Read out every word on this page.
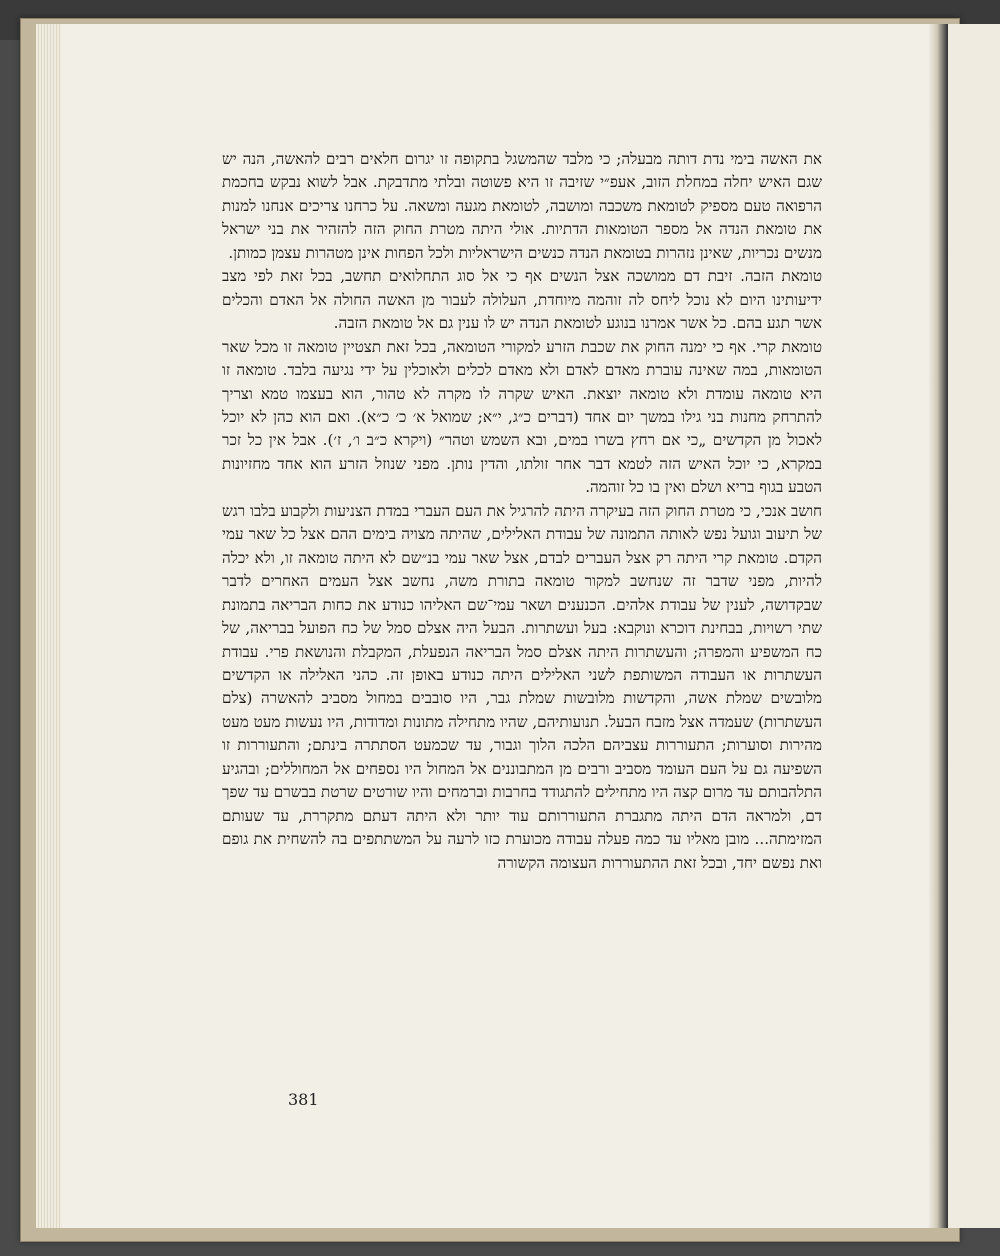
את האשה בימי נדת דותה מבעלה; כי מלבד שהמשגל בתקופה זו יגרום חלאים רבים להאשה, הנה יש שגם האיש יחלה במחלת הזוב, אעפ״י שזיבה זו היא פשוטה ובלתי מתדבקת. אבל לשוא נבקש בחכמת הרפואה טעם מספיק לטומאת משכבה ומושבה, לטומאת מגעה ומשאה. על כרחנו צריכים אנחנו למנות את טומאת הנדה אל מספר הטומאות הדתיות. אולי היתה מטרת החוק הזה להזהיר את בני ישראל מנשים נכריות, שאינן נזהרות בטומאת הנדה כנשים הישראליות ולכל הפחות אינן מטהרות עצמן כמותן.

טומאת הזבה. זיבת דם ממושכה אצל הנשים אף כי אל סוג התחלואים תחשב, בכל זאת לפי מצב ידיעותינו היום לא נוכל ליחס לה זוהמה מיוחדת, העלולה לעבור מן האשה החולה אל האדם והכלים אשר תגע בהם. כל אשר אמרנו בנוגע לטומאת הנדה יש לו ענין גם אל טומאת הזבה.

טומאת קרי. אף כי ימנה החוק את שכבת הזרע למקורי הטומאה, בכל זאת תצטיין טומאה זו מכל שאר הטומאות, במה שאינה עוברת מאדם לאדם ולא מאדם לכלים ולאוכלין על ידי נגיעה בלבד. טומאה זו היא טומאה עומדת ולא טומאה יוצאת. האיש שקרה לו מקרה לא טהור, הוא בעצמו טמא וצריך להתרחק מחנות בני גילו במשך יום אחד (דברים כ״ג, י״א; שמואל א׳ כ׳ כ״א). ואם הוא כהן לא יוכל לאכול מן הקדשים „כי אם רחץ בשרו במים, ובא השמש וטהר״ (ויקרא כ״ב ו׳, ז׳). אבל אין כל זכר במקרא, כי יוכל האיש הזה לטמא דבר אחר זולתו, והדין נותן. מפני שנוזל הזרע הוא אחד מחזיונות הטבע בגוף בריא ושלם ואין בו כל זוהמה.

חושב אנכי, כי מטרת החוק הזה בעיקרה היתה להרגיל את העם העברי במדת הצניעות ולקבוע בלבו רגש של תיעוב וגועל נפש לאותה התמונה של עבודת האלילים, שהיתה מצויה בימים ההם אצל כל שאר עמי הקדם. טומאת קרי היתה רק אצל העברים לבדם, אצל שאר עמי בנ״שם לא היתה טומאה זו, ולא יכלה להיות, מפני שדבר זה שנחשב למקור טומאה בתורת משה, נחשב אצל העמים האחרים לדבר שבקדושה, לענין של עבודת אלהים. הכנענים ושאר עמי־שם האליהו כנודע את כחות הבריאה בתמונת שתי רשויות, בבחינת דוכרא ונוקבא: בעל ועשתרות. הבעל היה אצלם סמל של כח הפועל בבריאה, של כח המשפיע והמפרה; והעשתרות היתה אצלם סמל הבריאה הנפעלת, המקבלת והנושאת פרי. עבודת העשתרות או העבודה המשותפת לשני האלילים היתה כנודע באופן זה. כהני האלילה או הקדשים מלובשים שמלת אשה, והקדשות מלובשות שמלת גבר, היו סובבים במחול מסביב להאשרה (צלם העשתרות) שעמדה אצל מזבח הבעל. תנועותיהם, שהיו מתחילה מתונות ומדודות, היו נעשות מעט מעט מהירות וסוערות; התעוררות עצביהם הלכה הלוך וגבור, עד שכמעט הסתתרה בינתם; והתעוררות זו השפיעה גם על העם העומד מסביב ורבים מן המתבוננים אל המחול היו נספחים אל המחוללים; ובהגיע התלהבותם עד מרום קצה היו מתחילים להתגודד בחרבות וברמחים והיו שורטים שרטת בבשרם עד שפך דם, ולמראה הדם היתה מתגברת התעוררותם עוד יותר ולא היתה דעתם מתקררת, עד שעותם המזימתה... מובן מאליו עד כמה פעלה עבודה מכוערת כזו לרעה על המשתתפים בה להשחית את גופם ואת נפשם יחד, ובכל זאת ההתעוררות העצומה הקשורה

381
